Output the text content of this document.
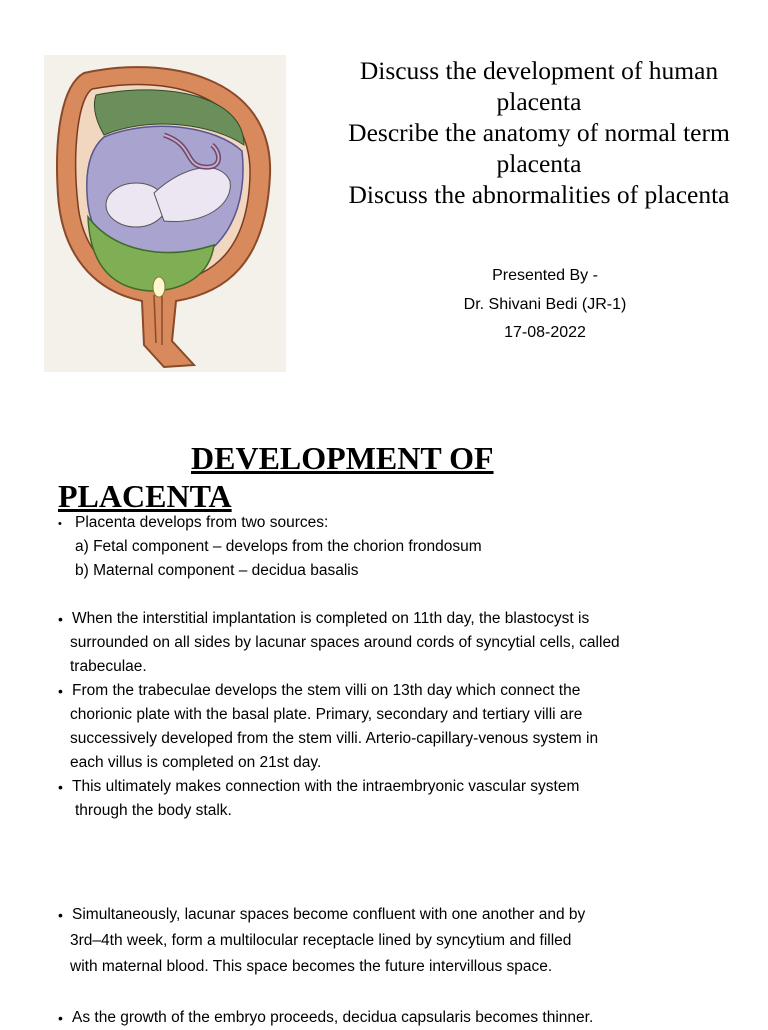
Discuss the development of human
placenta
Describe the anatomy of normal term
placenta
Discuss the abnormalities of placenta
Presented By -
Dr. Shivani Bedi (JR-1)
17-08-2022
DEVELOPMENT OF
PLACENTA
• Placenta develops from two sources:
a) Fetal component – develops from the chorion frondosum
b) Maternal component – decidua basalis
• When the interstitial implantation is completed on 11th day, the blastocyst is
surrounded on all sides by lacunar spaces around cords of syncytial cells, called
trabeculae.
• From the trabeculae develops the stem villi on 13th day which connect the
chorionic plate with the basal plate. Primary, secondary and tertiary villi are
successively developed from the stem villi. Arterio-capillary-venous system in
each villus is completed on 21st day.
• This ultimately makes connection with the intraembryonic vascular system
through the body stalk.
• Simultaneously, lacunar spaces become confluent with one another and by
3rd–4th week, form a multilocular receptacle lined by syncytium and filled
with maternal blood. This space becomes the future intervillous space.
• As the growth of the embryo proceeds, decidua capsularis becomes thinner.
